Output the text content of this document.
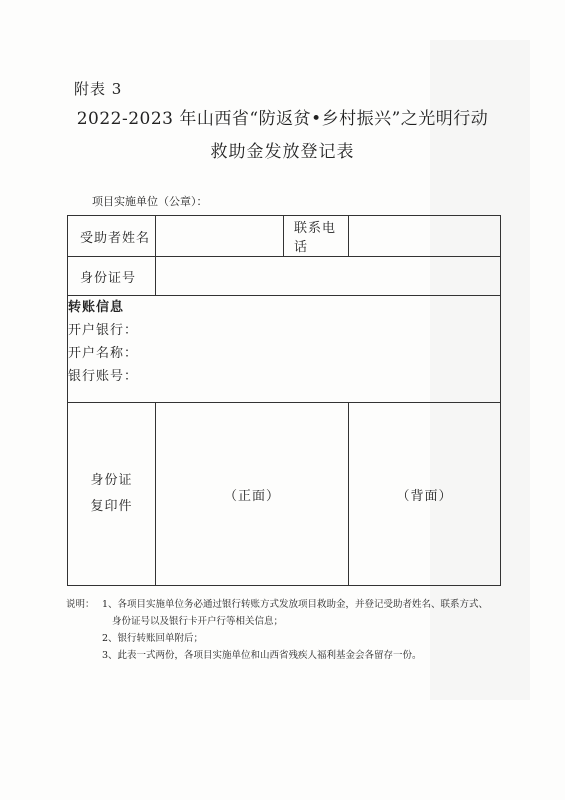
附表 3
2022-2023 年山西省“防返贫•乡村振兴”之光明行动
救助金发放登记表
项目实施单位（公章）：
受助者姓名		联系电话	
身份证号			

转账信息
开户银行：
开户名称：
银行账号：			

身份证
复印件	（正面）		（背面）
说明： 1、各项目实施单位务必通过银行转账方式发放项目救助金，并登记受助者姓名、联系方式、
身份证号以及银行卡开户行等相关信息；
2、银行转账回单附后；
3、此表一式两份，各项目实施单位和山西省残疾人福利基金会各留存一份。
